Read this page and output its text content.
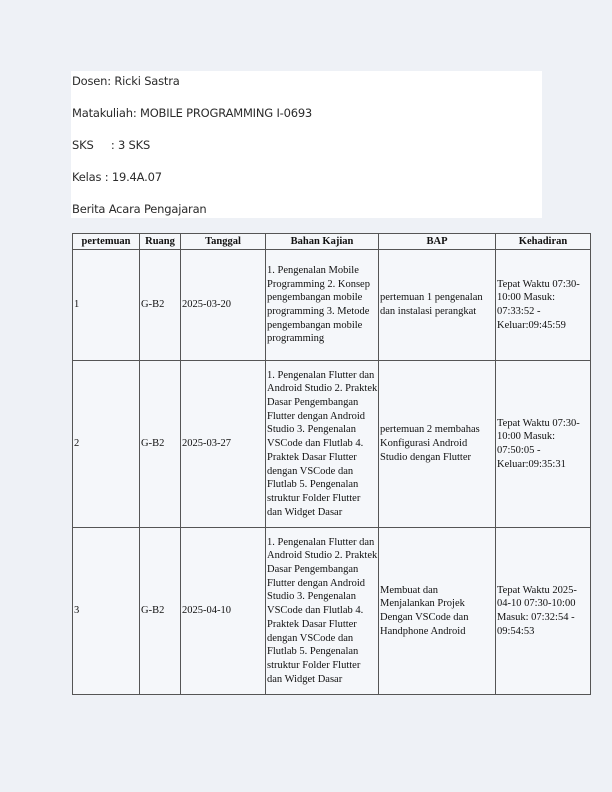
Dosen: Ricki Sastra
Matakuliah: MOBILE PROGRAMMING I-0693
SKS     : 3 SKS
Kelas : 19.4A.07
Berita Acara Pengajaran
pertemuan	Ruang	Tanggal	Bahan Kajian	BAP	Kehadiran
1	G-B2	2025-03-20	1. Pengenalan Mobile Programming 2. Konsep pengembangan mobile programming 3. Metode pengembangan mobile programming	pertemuan 1 pengenalan dan instalasi perangkat	Tepat Waktu 07:30-10:00 Masuk: 07:33:52 - Keluar:09:45:59
2	G-B2	2025-03-27	1. Pengenalan Flutter dan Android Studio 2. Praktek Dasar Pengembangan Flutter dengan Android Studio 3. Pengenalan VSCode dan Flutlab 4. Praktek Dasar Flutter dengan VSCode dan Flutlab 5. Pengenalan struktur Folder Flutter dan Widget Dasar	pertemuan 2 membahas Konfigurasi Android Studio dengan Flutter	Tepat Waktu 07:30-10:00 Masuk: 07:50:05 - Keluar:09:35:31
3	G-B2	2025-04-10	1. Pengenalan Flutter dan Android Studio 2. Praktek Dasar Pengembangan Flutter dengan Android Studio 3. Pengenalan VSCode dan Flutlab 4. Praktek Dasar Flutter dengan VSCode dan Flutlab 5. Pengenalan struktur Folder Flutter dan Widget Dasar	Membuat dan Menjalankan Projek Dengan VSCode dan Handphone Android	Tepat Waktu 2025-04-10 07:30-10:00 Masuk: 07:32:54 - 09:54:53
